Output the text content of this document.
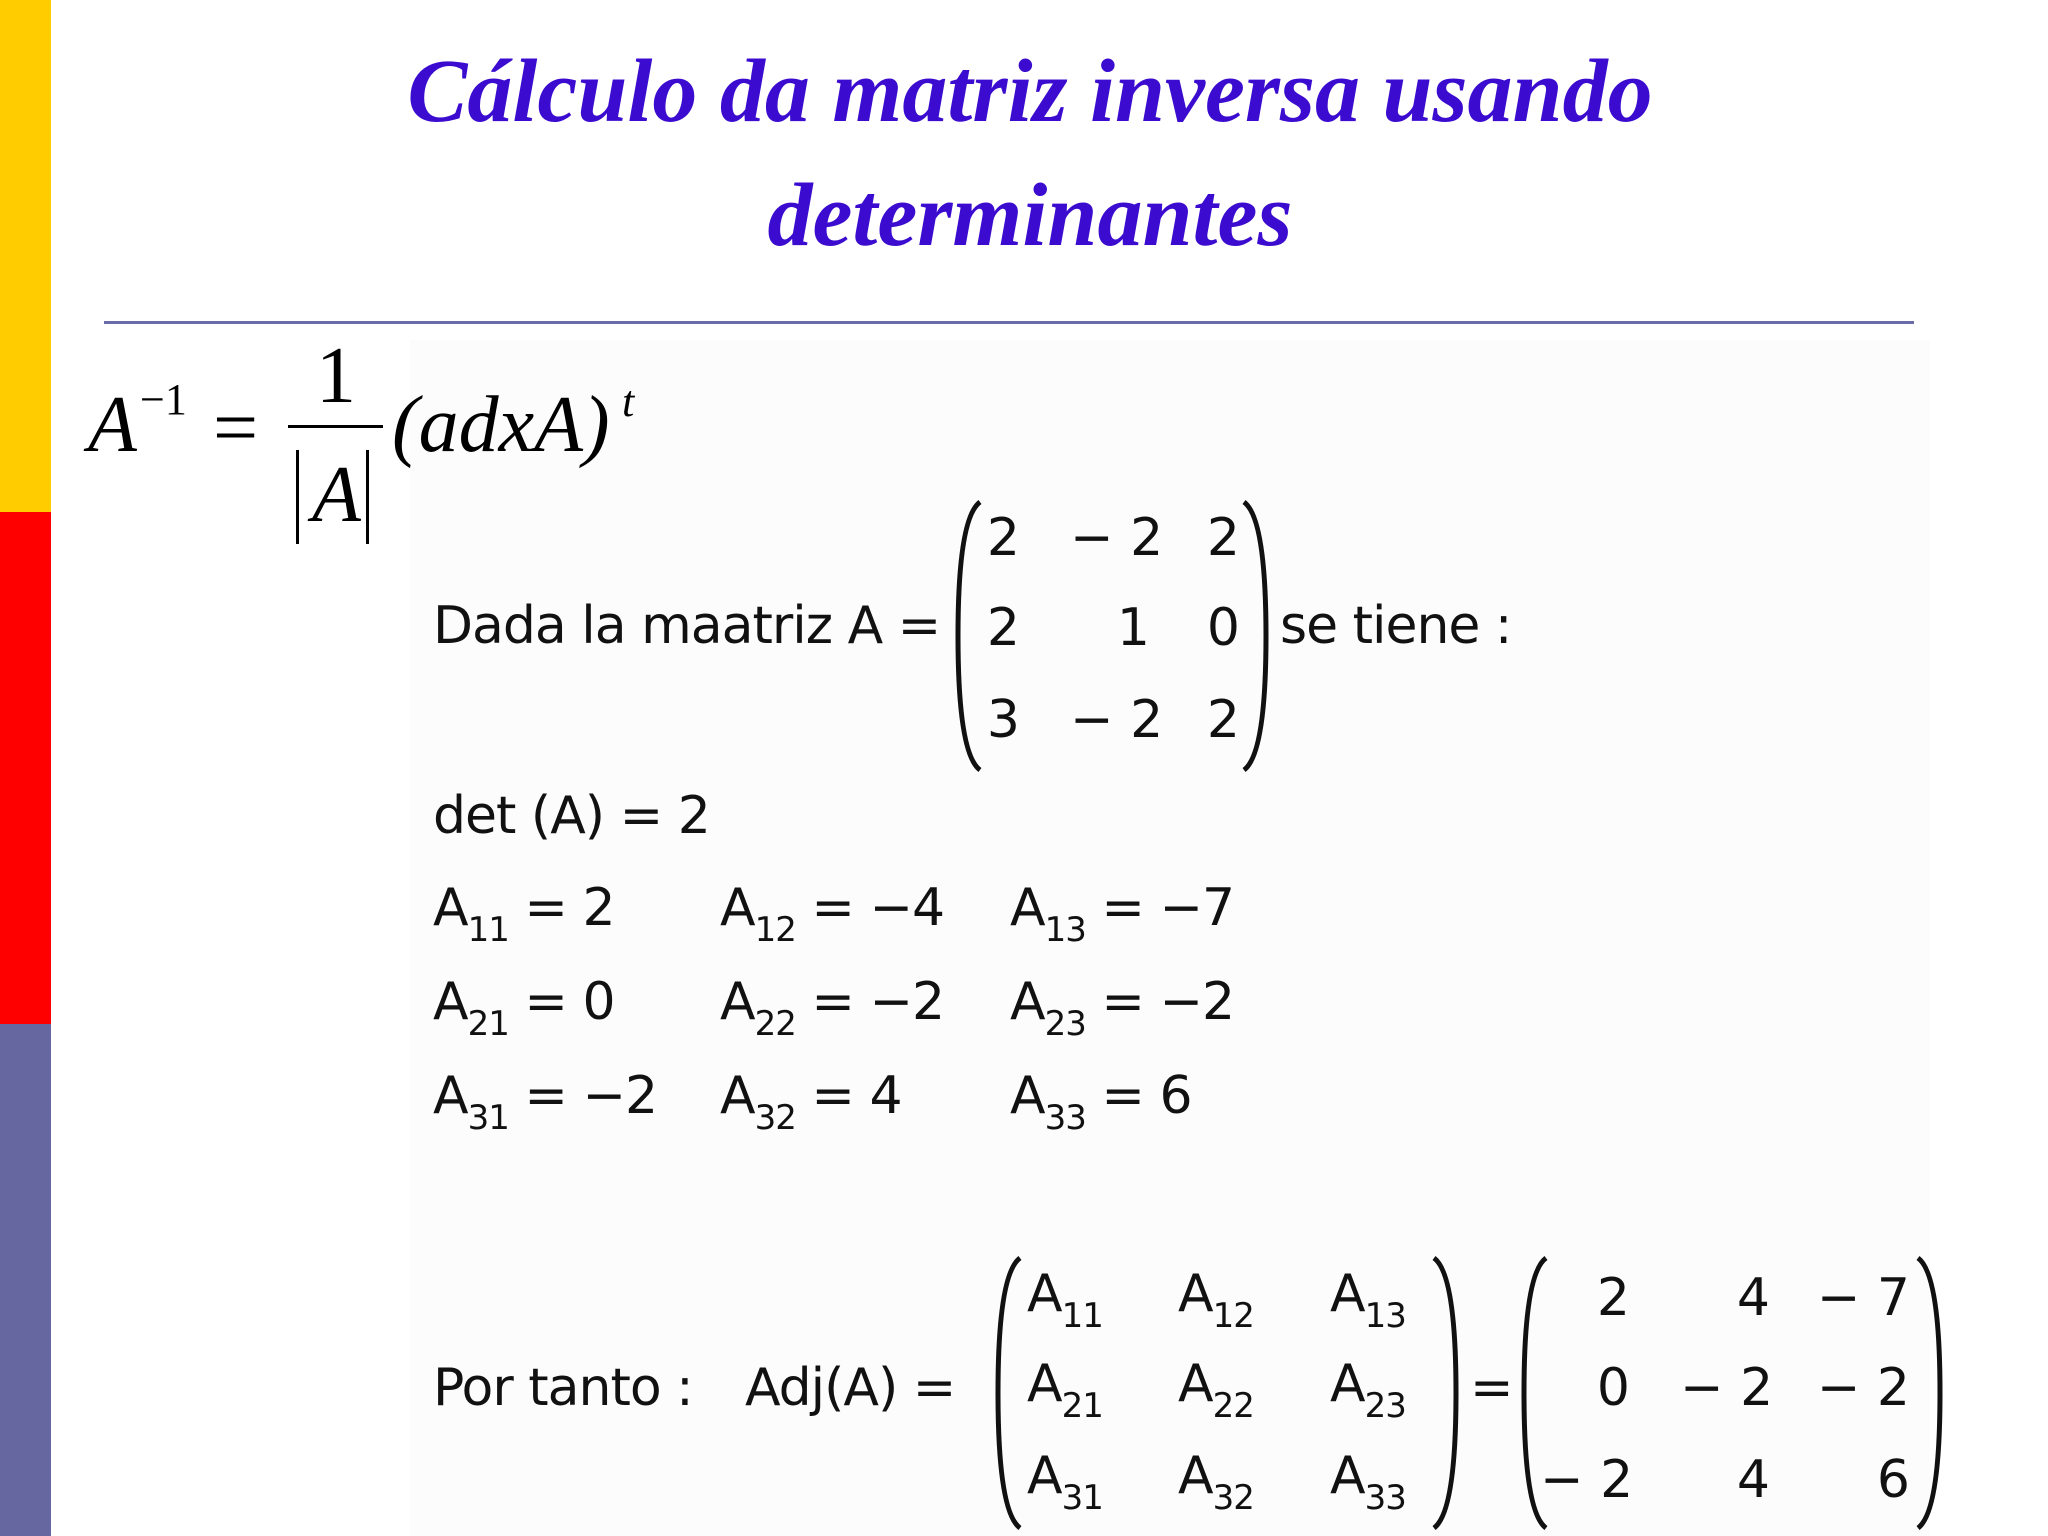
Cálculo da matriz inversa usando
determinantes
A −1 =
1
A
(adxA) t
Dada la maatriz A =
2 − 2 2
2	1	0
3 − 2 2
se tiene :
det (A) = 2
$A_{11} = 2$ $A_{12} = -4$ $A_{13} = -7$
$A_{21} = 0$ $A_{22} = -2$ $A_{23} = -2$
$A_{31} = -2$ $A_{32} = 4$ $A_{33} = 6$
Por tanto : Adj(A) =
$A_{11}$ $A_{12}$ $A_{13}$
$A_{21}$ $A_{22}$ $A_{23}$
$A_{31}$ $A_{32}$ $A_{33}$
=
2	4 − 7
0 − 2 − 2
− 2	4	6
